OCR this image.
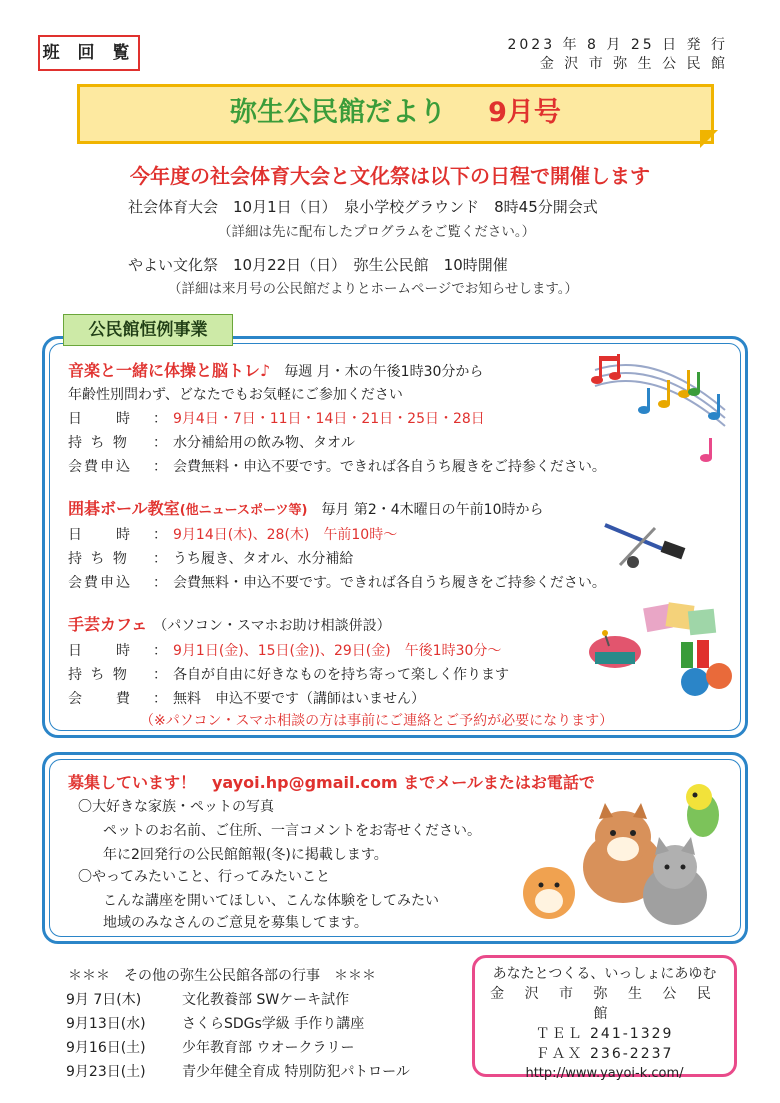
班 回 覧	2023 年 8 月 25 日 発 行
金 沢 市 弥 生 公 民 館
弥生公民館だより 9月号
今年度の社会体育大会と文化祭は以下の日程で開催します
社会体育大会　10月1日（日）　泉小学校グラウンド　8時45分開会式
（詳細は先に配布したプログラムをご覧ください。）
やよい文化祭　10月22日（日）　弥生公民館　10時開催
（詳細は来月号の公民館だよりとホームページでお知らせします。）
公民館恒例事業
音楽と一緒に体操と脳トレ♪ 毎週 月・木の午後1時30分から
年齢性別問わず、どなたでもお気軽にご参加ください
日　　時 ： 9月4日・7日・11日・14日・21日・25日・28日
持 ち 物 ： 水分補給用の飲み物、タオル
会費申込 ： 会費無料・申込不要です。できれば各自うち履きをご持参ください。
囲碁ボール教室(他ニュースポーツ等) 毎月 第2・4木曜日の午前10時から
日　　時 ： 9月14日(木)、28(木)　午前10時～
持 ち 物 ： うち履き、タオル、水分補給
会費申込 ： 会費無料・申込不要です。できれば各自うち履きをご持参ください。
手芸カフェ （パソコン・スマホお助け相談併設）
日　　時 ： 9月1日(金)、15日(金))、29日(金)　午後1時30分～
持 ち 物 ： 各自が自由に好きなものを持ち寄って楽しく作ります
会　　費 ： 無料　申込不要です（講師はいません）
（※パソコン・スマホ相談の方は事前にご連絡とご予約が必要になります）
募集しています！　yayoi.hp@gmail.com までメールまたはお電話で
〇大好きな家族・ペットの写真
ペットのお名前、ご住所、一言コメントをお寄せください。
年に2回発行の公民館館報(冬)に掲載します。
〇やってみたいこと、行ってみたいこと
こんな講座を開いてほしい、こんな体験をしてみたい
地域のみなさんのご意見を募集してます。
＊＊＊　その他の弥生公民館各部の行事　＊＊＊
9月 7日(木)	文化教養部 SWケーキ試作
9月13日(水)	さくらSDGs学級 手作り講座
9月16日(土)	少年教育部 ウオークラリー
9月23日(土)	青少年健全育成 特別防犯パトロール
あなたとつくる、いっしょにあゆむ
金 沢 市 弥 生 公 民 館
ＴＥＬ 241-1329
ＦＡＸ 236-2237
http://www.yayoi-k.com/
